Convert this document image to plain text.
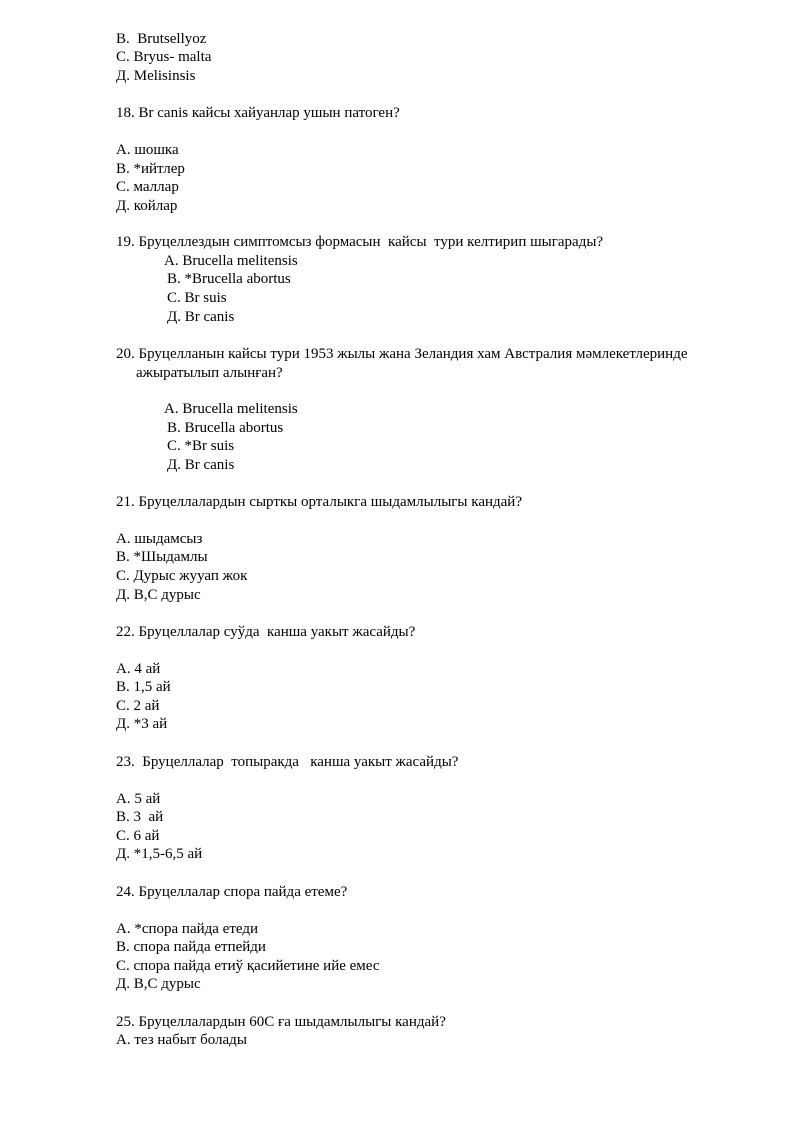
B.  Brutsellyoz
C. Bryus- malta
Д. Melisinsis
18. Br canis кайсы хайуанлар ушын патоген?
A. шошка
B. *ийтлер
C. маллар
Д. койлар
19. Бруцеллездын симптомсыз формасын  кайсы  тури келтирип шыгарады?
A. Brucella melitensis
B. *Brucella abortus
C. Br suis
Д. Br canis
20. Бруцелланын кайсы тури 1953 жылы жана Зеландия хам Австралия мәмлекетлеринде
ажыратылып алынған?
A. Brucella melitensis
B. Brucella abortus
C. *Br suis
Д. Br canis
21. Бруцеллалардын сырткы орталыкга шыдамлылыгы кандай?
A. шыдамсыз
B. *Шыдамлы
C. Дурыс жууап жок
Д. В,С дурыс
22. Бруцеллалар суўда  канша уакыт жасайды?
A. 4 ай
B. 1,5 ай
C. 2 ай
Д. *3 ай
23.  Бруцеллалар  топыракда   канша уакыт жасайды?
A. 5 ай
B. 3  ай
C. 6 ай
Д. *1,5-6,5 ай
24. Бруцеллалар спора пайда етеме?
A. *спора пайда етеди
B. спора пайда етпейди
C. спора пайда етиў қасийетине ийе емес
Д. В,С дурыс
25. Бруцеллалардын 60С ға шыдамлылыгы кандай?
A. тез набыт болады
